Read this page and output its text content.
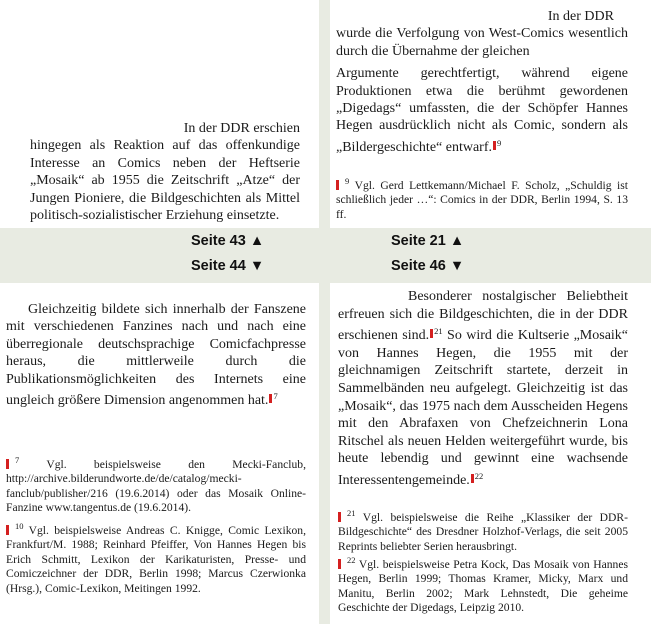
In der DDR erschien
hingegen als Reaktion auf das offenkundige Interesse an Comics neben der Heftserie „Mosaik“ ab 1955 die Zeitschrift „Atze“ der Jungen Pioniere, die Bildgeschichten als Mittel politisch-sozialistischer Erziehung einsetzte.
In der DDR
wurde die Verfolgung von West-Comics wesentlich durch die Übernahme der gleichen
Argumente gerechtfertigt, während eigene Produktionen etwa die berühmt gewordenen „Digedags“ umfassten, die der Schöpfer Hannes Hegen ausdrücklich nicht als Comic, sondern als „Bildergeschichte“ entwarf. $^9$
$^9$ Vgl. Gerd Lettkemann/Michael F. Scholz, „Schuldig ist schließlich jeder …“: Comics in der DDR, Berlin 1994, S. 13 ff.
Seite 43 ▲
Seite 44 ▼
Seite 21 ▲
Seite 46 ▼
Gleichzeitig bildete sich innerhalb der Fanszene mit verschiedenen Fanzines nach und nach eine überregionale deutschsprachige Comicfachpresse heraus, die mittlerweile durch die Publikationsmöglichkeiten des Internets eine ungleich größere Dimension angenommen hat. $^7$
$^7$ Vgl. beispielsweise den Mecki-Fanclub, http://archive.bilderundworte.de/de/catalog/mecki-fanclub/publisher/216 (19.6.2014) oder das Mosaik Online-Fanzine www.tangentus.de (19.6.2014).
$^{10}$ Vgl. beispielsweise Andreas C. Knigge, Comic Lexikon, Frankfurt/M. 1988; Reinhard Pfeiffer, Von Hannes Hegen bis Erich Schmitt, Lexikon der Karikaturisten, Presse- und Comiczeichner der DDR, Berlin 1998; Marcus Czerwionka (Hrsg.), Comic-Lexikon, Meitingen 1992.
Besonderer nostalgischer Beliebtheit erfreuen sich die Bildgeschichten, die in der DDR erschienen sind. $^{21}$ So wird die Kultserie „Mosaik“ von Hannes Hegen, die 1955 mit der gleichnamigen Zeitschrift startete, derzeit in Sammelbänden neu aufgelegt. Gleichzeitig ist das „Mosaik“, das 1975 nach dem Ausscheiden Hegens mit den Abrafaxen von Chefzeichnerin Lona Ritschel als neuen Helden weitergeführt wurde, bis heute lebendig und gewinnt eine wachsende Interessentengemeinde. $^{22}$
$^{21}$ Vgl. beispielsweise die Reihe „Klassiker der DDR-Bildgeschichte“ des Dresdner Holzhof-Verlags, die seit 2005 Reprints beliebter Serien herausbringt.
$^{22}$ Vgl. beispielsweise Petra Kock, Das Mosaik von Hannes Hegen, Berlin 1999; Thomas Kramer, Micky, Marx und Manitu, Berlin 2002; Mark Lehnstedt, Die geheime Geschichte der Digedags, Leipzig 2010.
